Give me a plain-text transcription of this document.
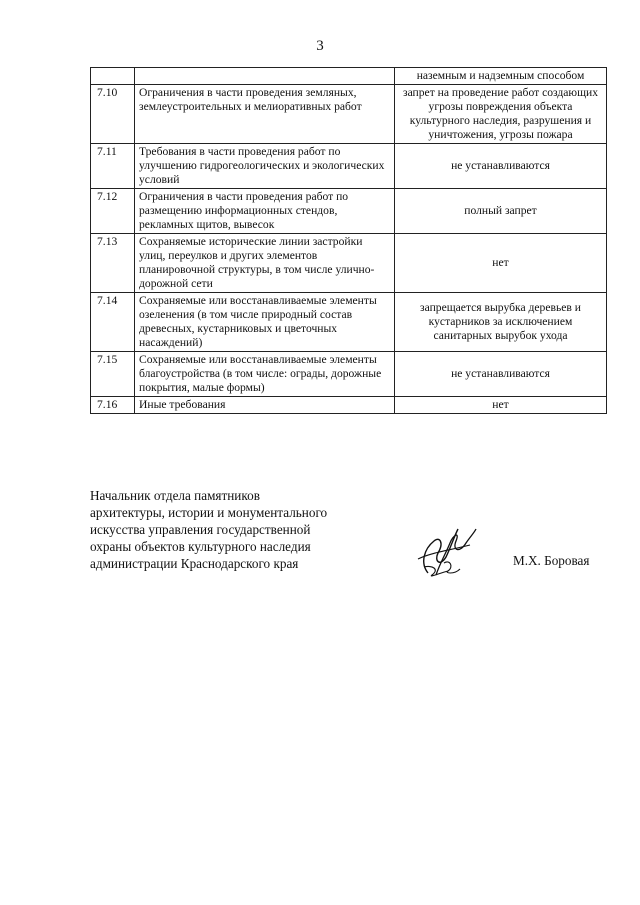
3
		наземным и надземным способом
7.10	Ограничения в части проведения земляных, землеустроительных и мелиоративных работ	запрет на проведение работ создающих угрозы повреждения объекта культурного наследия, разрушения и уничтожения, угрозы пожара
7.11	Требования в части проведения работ по улучшению гидрогеологических и экологических условий	не устанавливаются
7.12	Ограничения в части проведения работ по размещению информационных стендов, рекламных щитов, вывесок	полный запрет
7.13	Сохраняемые исторические линии застройки улиц, переулков и других элементов планировочной структуры, в том числе улично-дорожной сети	нет
7.14	Сохраняемые или восстанавливаемые элементы озеленения (в том числе природный состав древесных, кустарниковых и цветочных насаждений)	запрещается вырубка деревьев и кустарников за исключением санитарных вырубок ухода
7.15	Сохраняемые или восстанавливаемые элементы благоустройства (в том числе: ограды, дорожные покрытия, малые формы)	не устанавливаются
7.16	Иные требования	нет
Начальник отдела памятников
архитектуры, истории и монументального
искусства управления государственной
охраны объектов культурного наследия
администрации Краснодарского края	М.Х. Боровая
